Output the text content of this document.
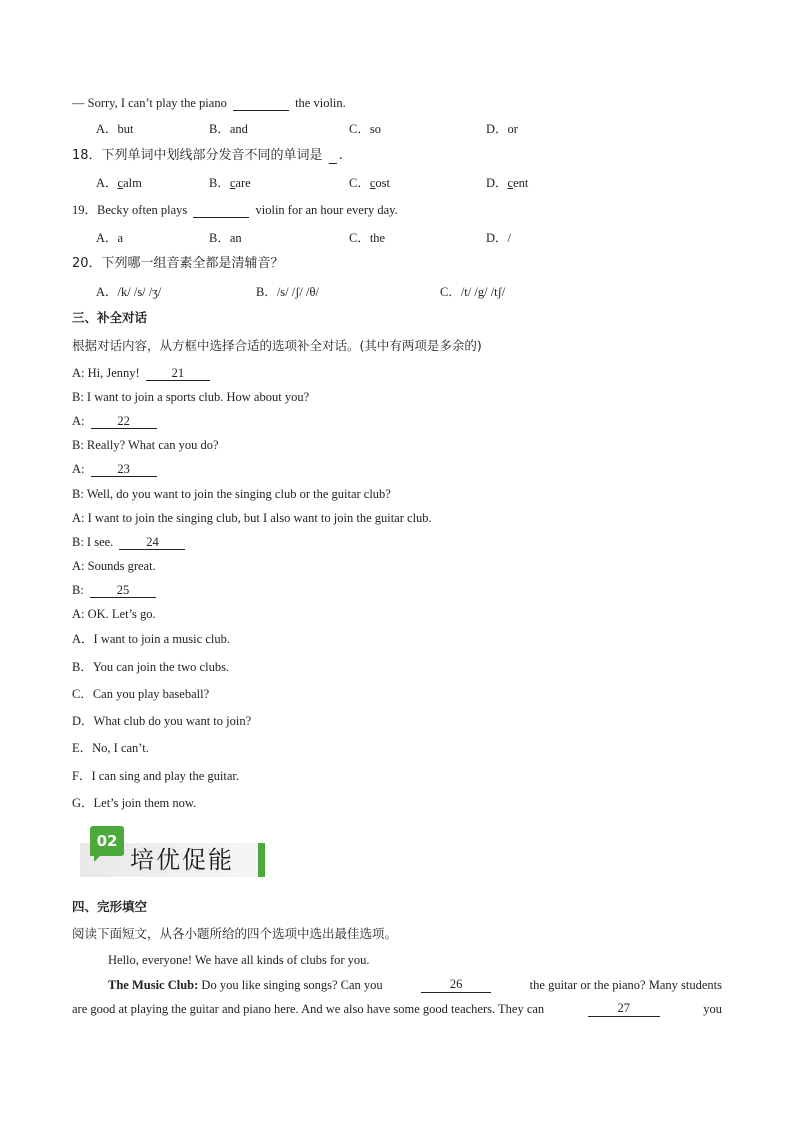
— Sorry, I can’t play the piano	the violin.
A．but	B．and	C．so	D．or
18．下列单词中划线部分发音不同的单词是 .
A．calm	B．care	C．cost	D．cent
19．Becky often plays	violin for an hour every day.
A．a	B．an	C．the	D．/
20．下列哪一组音素全都是清辅音？
A．/k/ /s/ /ʒ/	B．/s/ /ʃ/ /θ/	C．/t/ /g/ /tʃ/
三、补全对话
根据对话内容，从方框中选择合适的选项补全对话。(其中有两项是多余的)
A: Hi, Jenny!	21
B: I want to join a sports club. How about you?
A:	22
B: Really? What can you do?
A:	23
B: Well, do you want to join the singing club or the guitar club?
A: I want to join the singing club, but I also want to join the guitar club.
B: I see.	24
A: Sounds great.
B:	25
A: OK. Let’s go.
A．I want to join a music club.
B．You can join the two clubs.
C．Can you play baseball?
D．What club do you want to join?
E．No, I can’t.
F．I can sing and play the guitar.
G．Let’s join them now.
02
培优促能
四、完形填空
阅读下面短文，从各小题所给的四个选项中选出最佳选项。
Hello, everyone! We have all kinds of clubs for you.
The Music Club: Do you like singing songs? Can you	26	the guitar or the piano? Many students
are good at playing the guitar and piano here. And we also have some good teachers. They can	27	you
